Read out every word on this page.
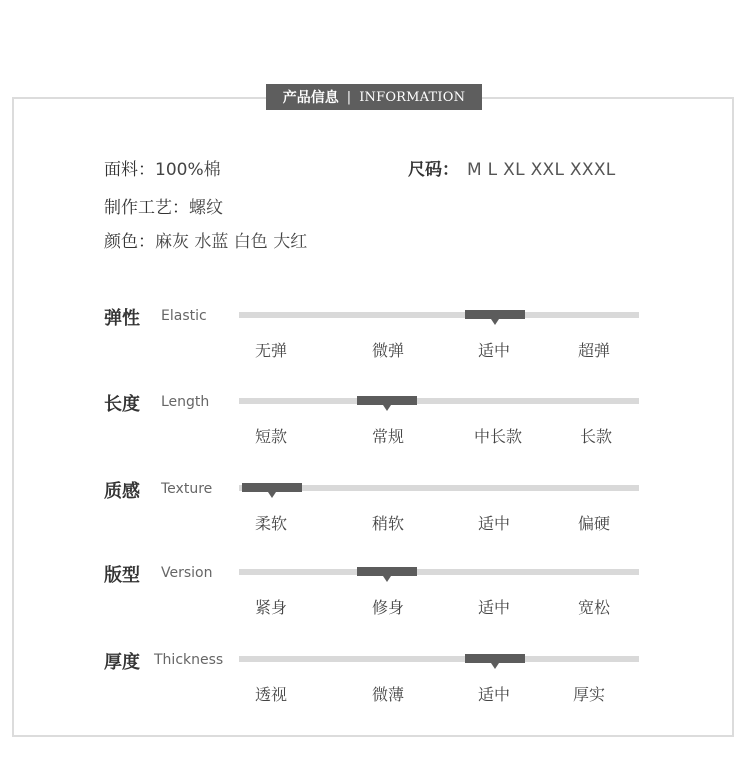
产品信息 | INFORMATION
面料：100%棉	尺码： M L XL XXL XXXL
制作工艺：螺纹
颜色：麻灰 水蓝 白色 大红
弹性 Elastic
无弹	微弹	适中	超弹
长度 Length
短款	常规	中长款	长款
质感 Texture
柔软	稍软	适中	偏硬
版型 Version
紧身	修身	适中	宽松
厚度 Thickness
透视	微薄	适中	厚实
